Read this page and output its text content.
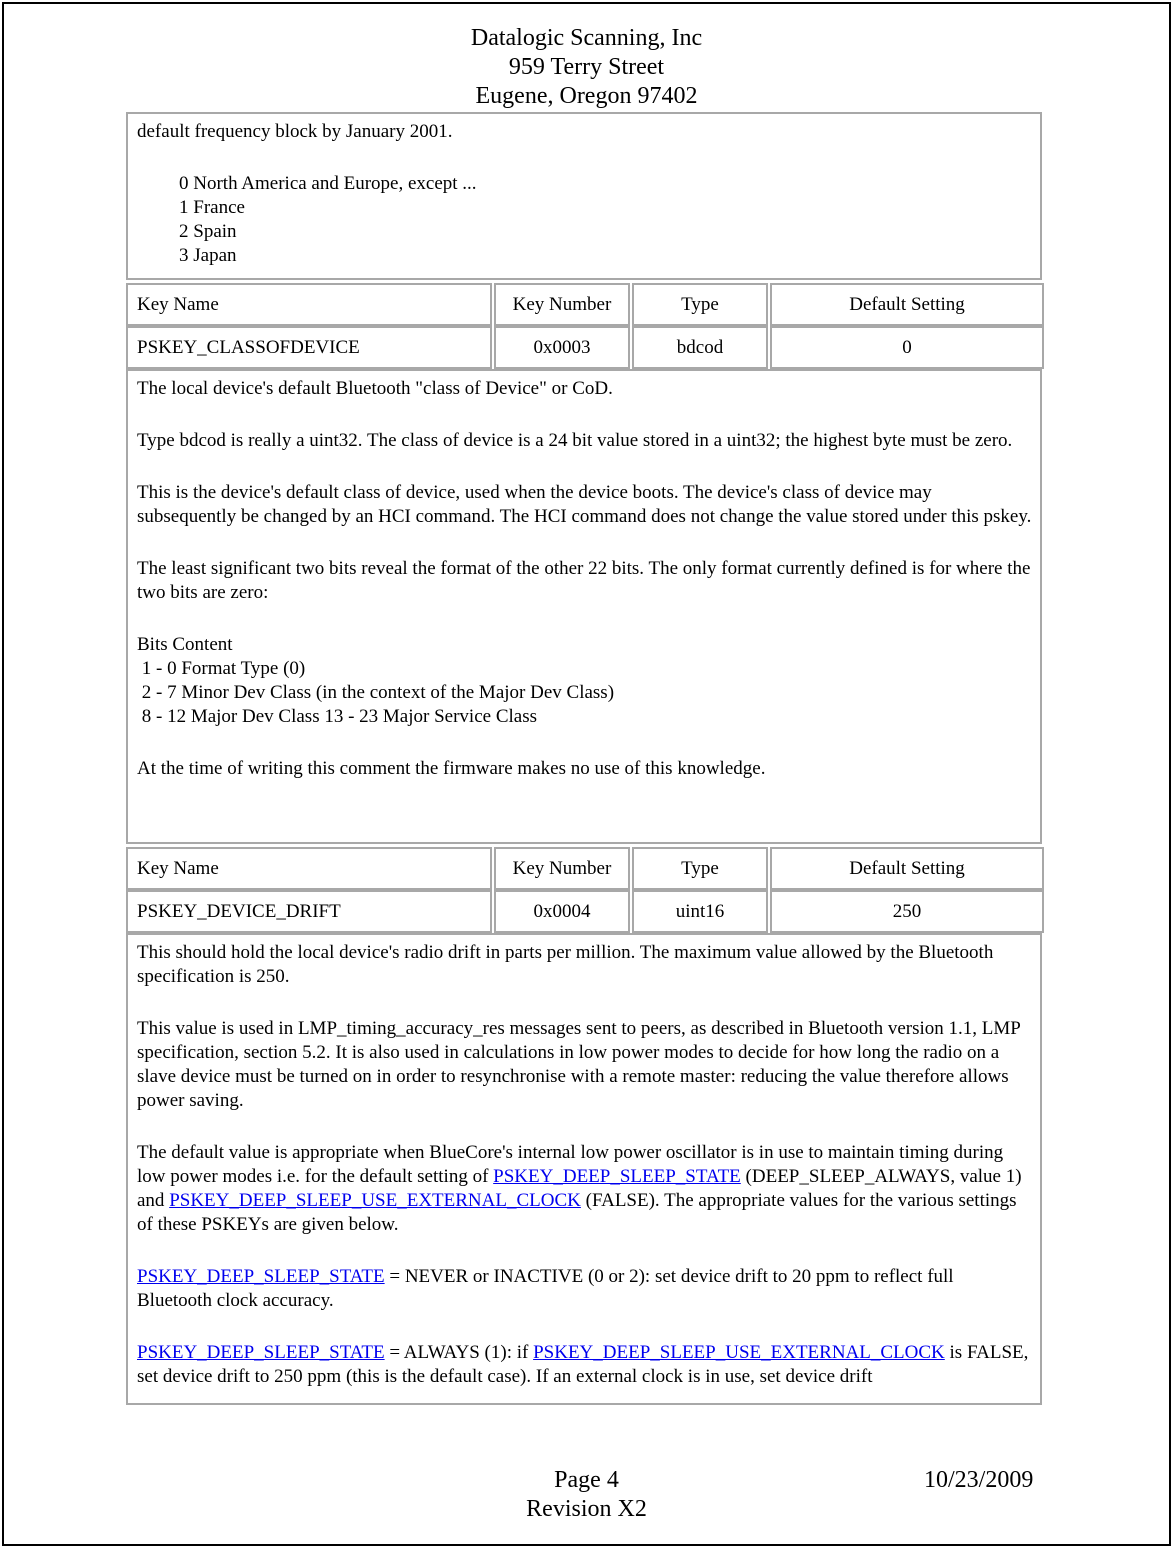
Datalogic Scanning, Inc
959 Terry Street
Eugene, Oregon 97402

default frequency block by January 2001.

0 North America and Europe, except ...
1 France
2 Spain
3 Japan
Key Name	Key Number	Type	Default Setting
PSKEY_CLASSOFDEVICE	0x0003	bdcod	0

The local device's default Bluetooth "class of Device" or CoD.

Type bdcod is really a uint32. The class of device is a 24 bit value stored in a uint32; the highest byte must be zero.

This is the device's default class of device, used when the device boots. The device's class of device may subsequently be changed by an HCI command. The HCI command does not change the value stored under this pskey.

The least significant two bits reveal the format of the other 22 bits. The only format currently defined is for where the two bits are zero:

Bits Content
1 - 0 Format Type (0)
2 - 7 Minor Dev Class (in the context of the Major Dev Class)
8 - 12 Major Dev Class 13 - 23 Major Service Class

At the time of writing this comment the firmware makes no use of this knowledge.

Key Name	Key Number	Type	Default Setting
PSKEY_DEVICE_DRIFT	0x0004	uint16	250

This should hold the local device's radio drift in parts per million. The maximum value allowed by the Bluetooth specification is 250.

This value is used in LMP_timing_accuracy_res messages sent to peers, as described in Bluetooth version 1.1, LMP specification, section 5.2. It is also used in calculations in low power modes to decide for how long the radio on a slave device must be turned on in order to resynchronise with a remote master: reducing the value therefore allows power saving.

The default value is appropriate when BlueCore's internal low power oscillator is in use to maintain timing during low power modes i.e. for the default setting of PSKEY_DEEP_SLEEP_STATE (DEEP_SLEEP_ALWAYS, value 1) and PSKEY_DEEP_SLEEP_USE_EXTERNAL_CLOCK (FALSE). The appropriate values for the various settings of these PSKEYs are given below.

PSKEY_DEEP_SLEEP_STATE = NEVER or INACTIVE (0 or 2): set device drift to 20 ppm to reflect full Bluetooth clock accuracy.

PSKEY_DEEP_SLEEP_STATE = ALWAYS (1): if PSKEY_DEEP_SLEEP_USE_EXTERNAL_CLOCK is FALSE, set device drift to 250 ppm (this is the default case). If an external clock is in use, set device drift

Page 4	10/23/2009
Revision X2
